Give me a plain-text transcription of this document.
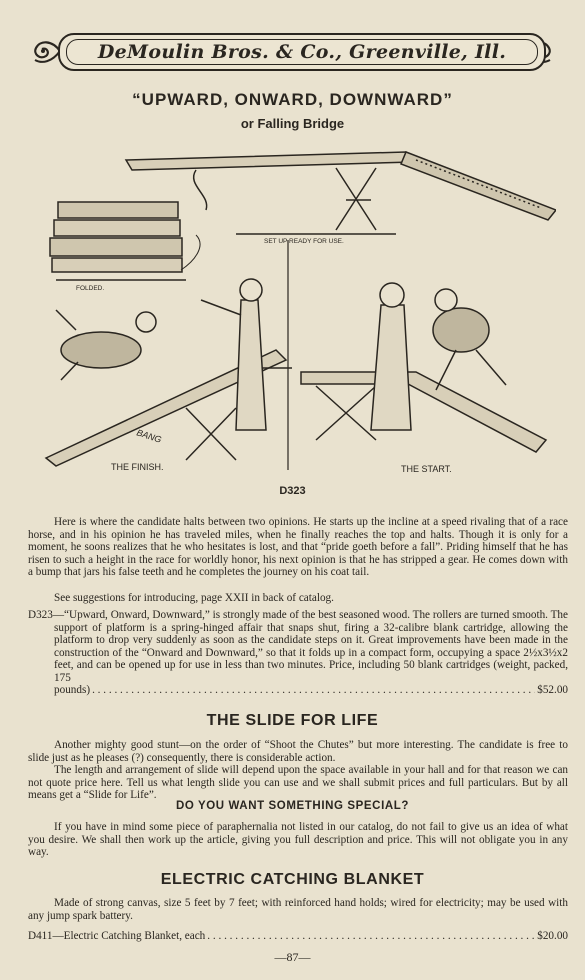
DeMoulin Bros. & Co., Greenville, Ill.
“UPWARD, ONWARD, DOWNWARD”
or Falling Bridge
SET UP READY FOR USE.
FOLDED.
THE FINISH.	THE START.
BANG
D323

Here is where the candidate halts between two opinions. He starts up the incline at a speed rivaling that of a race horse, and in his opinion he has traveled miles, when he finally reaches the top and halts. Though it is only for a moment, he soons realizes that he who hesitates is lost, and that “pride goeth before a fall”. Priding himself that he has risen to such a height in the race for worldly honor, his next opinion is that he has stripped a gear. He comes down with a bump that jars his false teeth and he completes the journey on his coat tail.

See suggestions for introducing, page XXII in back of catalog.

D323—“Upward, Onward, Downward,” is strongly made of the best seasoned wood. The rollers are turned smooth. The support of platform is a spring-hinged affair that snaps shut, firing a 32-calibre blank cartridge, allowing the platform to drop very suddenly as soon as the candidate steps on it. Great improvements have been made in the construction of the “Onward and Downward,” so that it folds up in a compact form, occupying a space 2½x3½x2 feet, and can be opened up for use in less than two minutes. Price, including 50 blank cartridges (weight, packed, 175

pounds) . . .	$52.00
THE SLIDE FOR LIFE

Another mighty good stunt—on the order of “Shoot the Chutes” but more interesting. The candidate is free to slide just as he pleases (?) consequently, there is considerable action.

The length and arrangement of slide will depend upon the space available in your hall and for that reason we can not quote price here. Tell us what length slide you can use and we shall submit prices and full particulars. But by all means get a “Slide for Life”.

DO YOU WANT SOMETHING SPECIAL?

If you have in mind some piece of paraphernalia not listed in our catalog, do not fail to give us an idea of what you desire. We shall then work up the article, giving you full description and price. This will not obligate you in any way.

ELECTRIC CATCHING BLANKET

Made of strong canvas, size 5 feet by 7 feet; with reinforced hand holds; wired for electricity; may be used with any jump spark battery.

D411—Electric Catching Blanket, each . . .	$20.00
—87—
